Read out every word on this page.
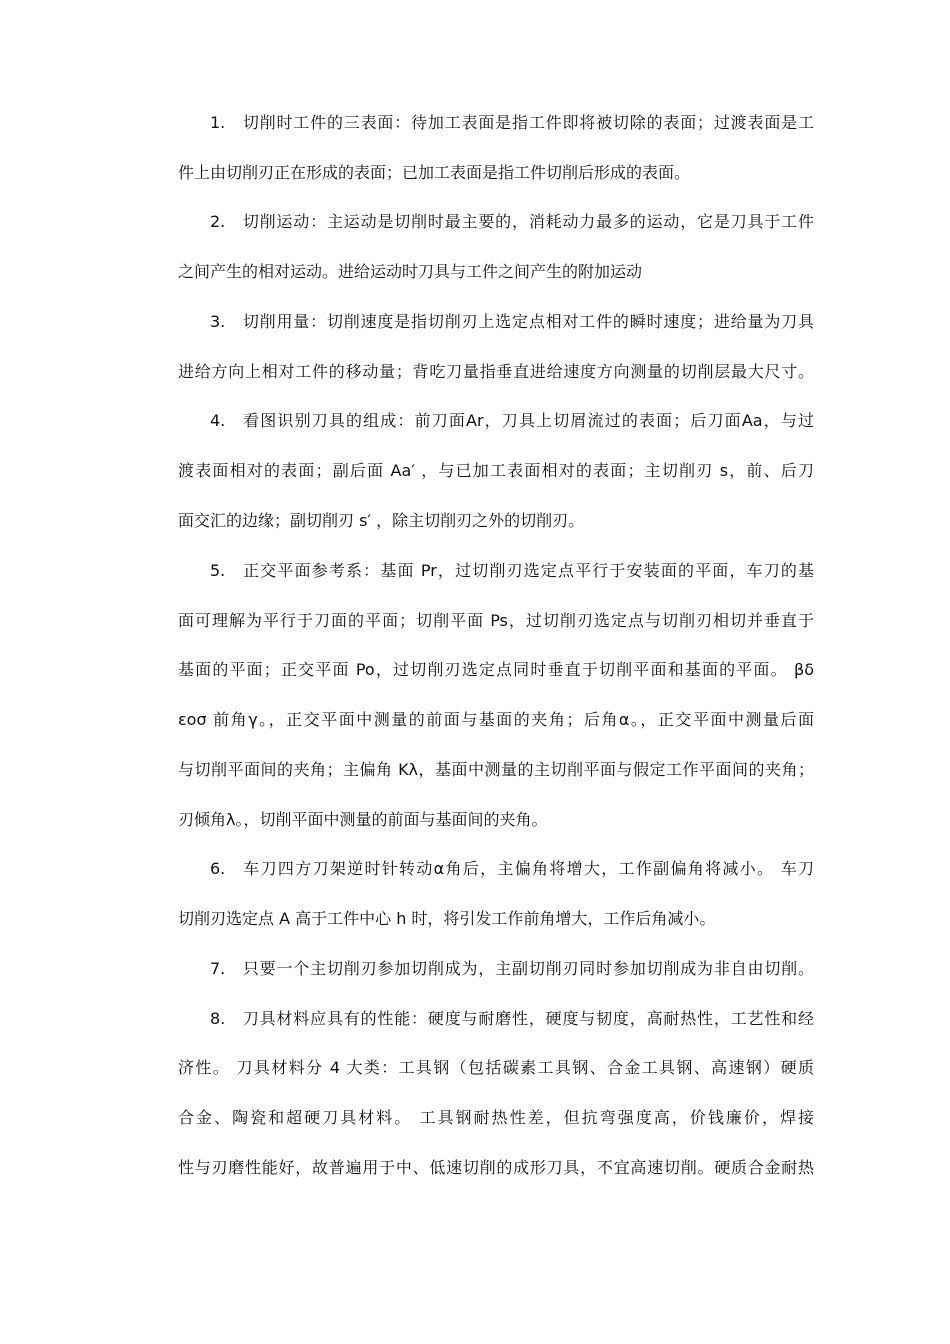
1. 切削时工件的三表面：待加工表面是指工件即将被切除的表面；过渡表面是工
件上由切削刃正在形成的表面；已加工表面是指工件切削后形成的表面。
2. 切削运动：主运动是切削时最主要的，消耗动力最多的运动，它是刀具于工件
之间产生的相对运动。进给运动时刀具与工件之间产生的附加运动
3. 切削用量：切削速度是指切削刃上选定点相对工件的瞬时速度；进给量为刀具
进给方向上相对工件的移动量；背吃刀量指垂直进给速度方向测量的切削层最大尺寸。
4. 看图识别刀具的组成：前刀面Ar，刀具上切屑流过的表面；后刀面Aa，与过
渡表面相对的表面；副后面 Aa′ ，与已加工表面相对的表面；主切削刃 s，前、后刀
面交汇的边缘；副切削刃 s′ ，除主切削刃之外的切削刃。
5. 正交平面参考系：基面 Pr，过切削刃选定点平行于安装面的平面，车刀的基
面可理解为平行于刀面的平面；切削平面 Ps，过切削刃选定点与切削刃相切并垂直于
基面的平面；正交平面 Po，过切削刃选定点同时垂直于切削平面和基面的平面。 βδ
εοσ 前角γ。，正交平面中测量的前面与基面的夹角；后角α。，正交平面中测量后面
与切削平面间的夹角；主偏角 Kλ，基面中测量的主切削平面与假定工作平面间的夹角；
刃倾角λ。，切削平面中测量的前面与基面间的夹角。
6. 车刀四方刀架逆时针转动α角后，主偏角将增大，工作副偏角将减小。 车刀
切削刃选定点 A 高于工件中心 h 时，将引发工作前角增大，工作后角减小。
7. 只要一个主切削刃参加切削成为，主副切削刃同时参加切削成为非自由切削。
8. 刀具材料应具有的性能：硬度与耐磨性，硬度与韧度，高耐热性，工艺性和经
济性。 刀具材料分 4 大类：工具钢（包括碳素工具钢、合金工具钢、高速钢）硬质
合金、陶瓷和超硬刀具材料。 工具钢耐热性差，但抗弯强度高，价钱廉价，焊接
性与刃磨性能好，故普遍用于中、低速切削的成形刀具，不宜高速切削。硬质合金耐热
